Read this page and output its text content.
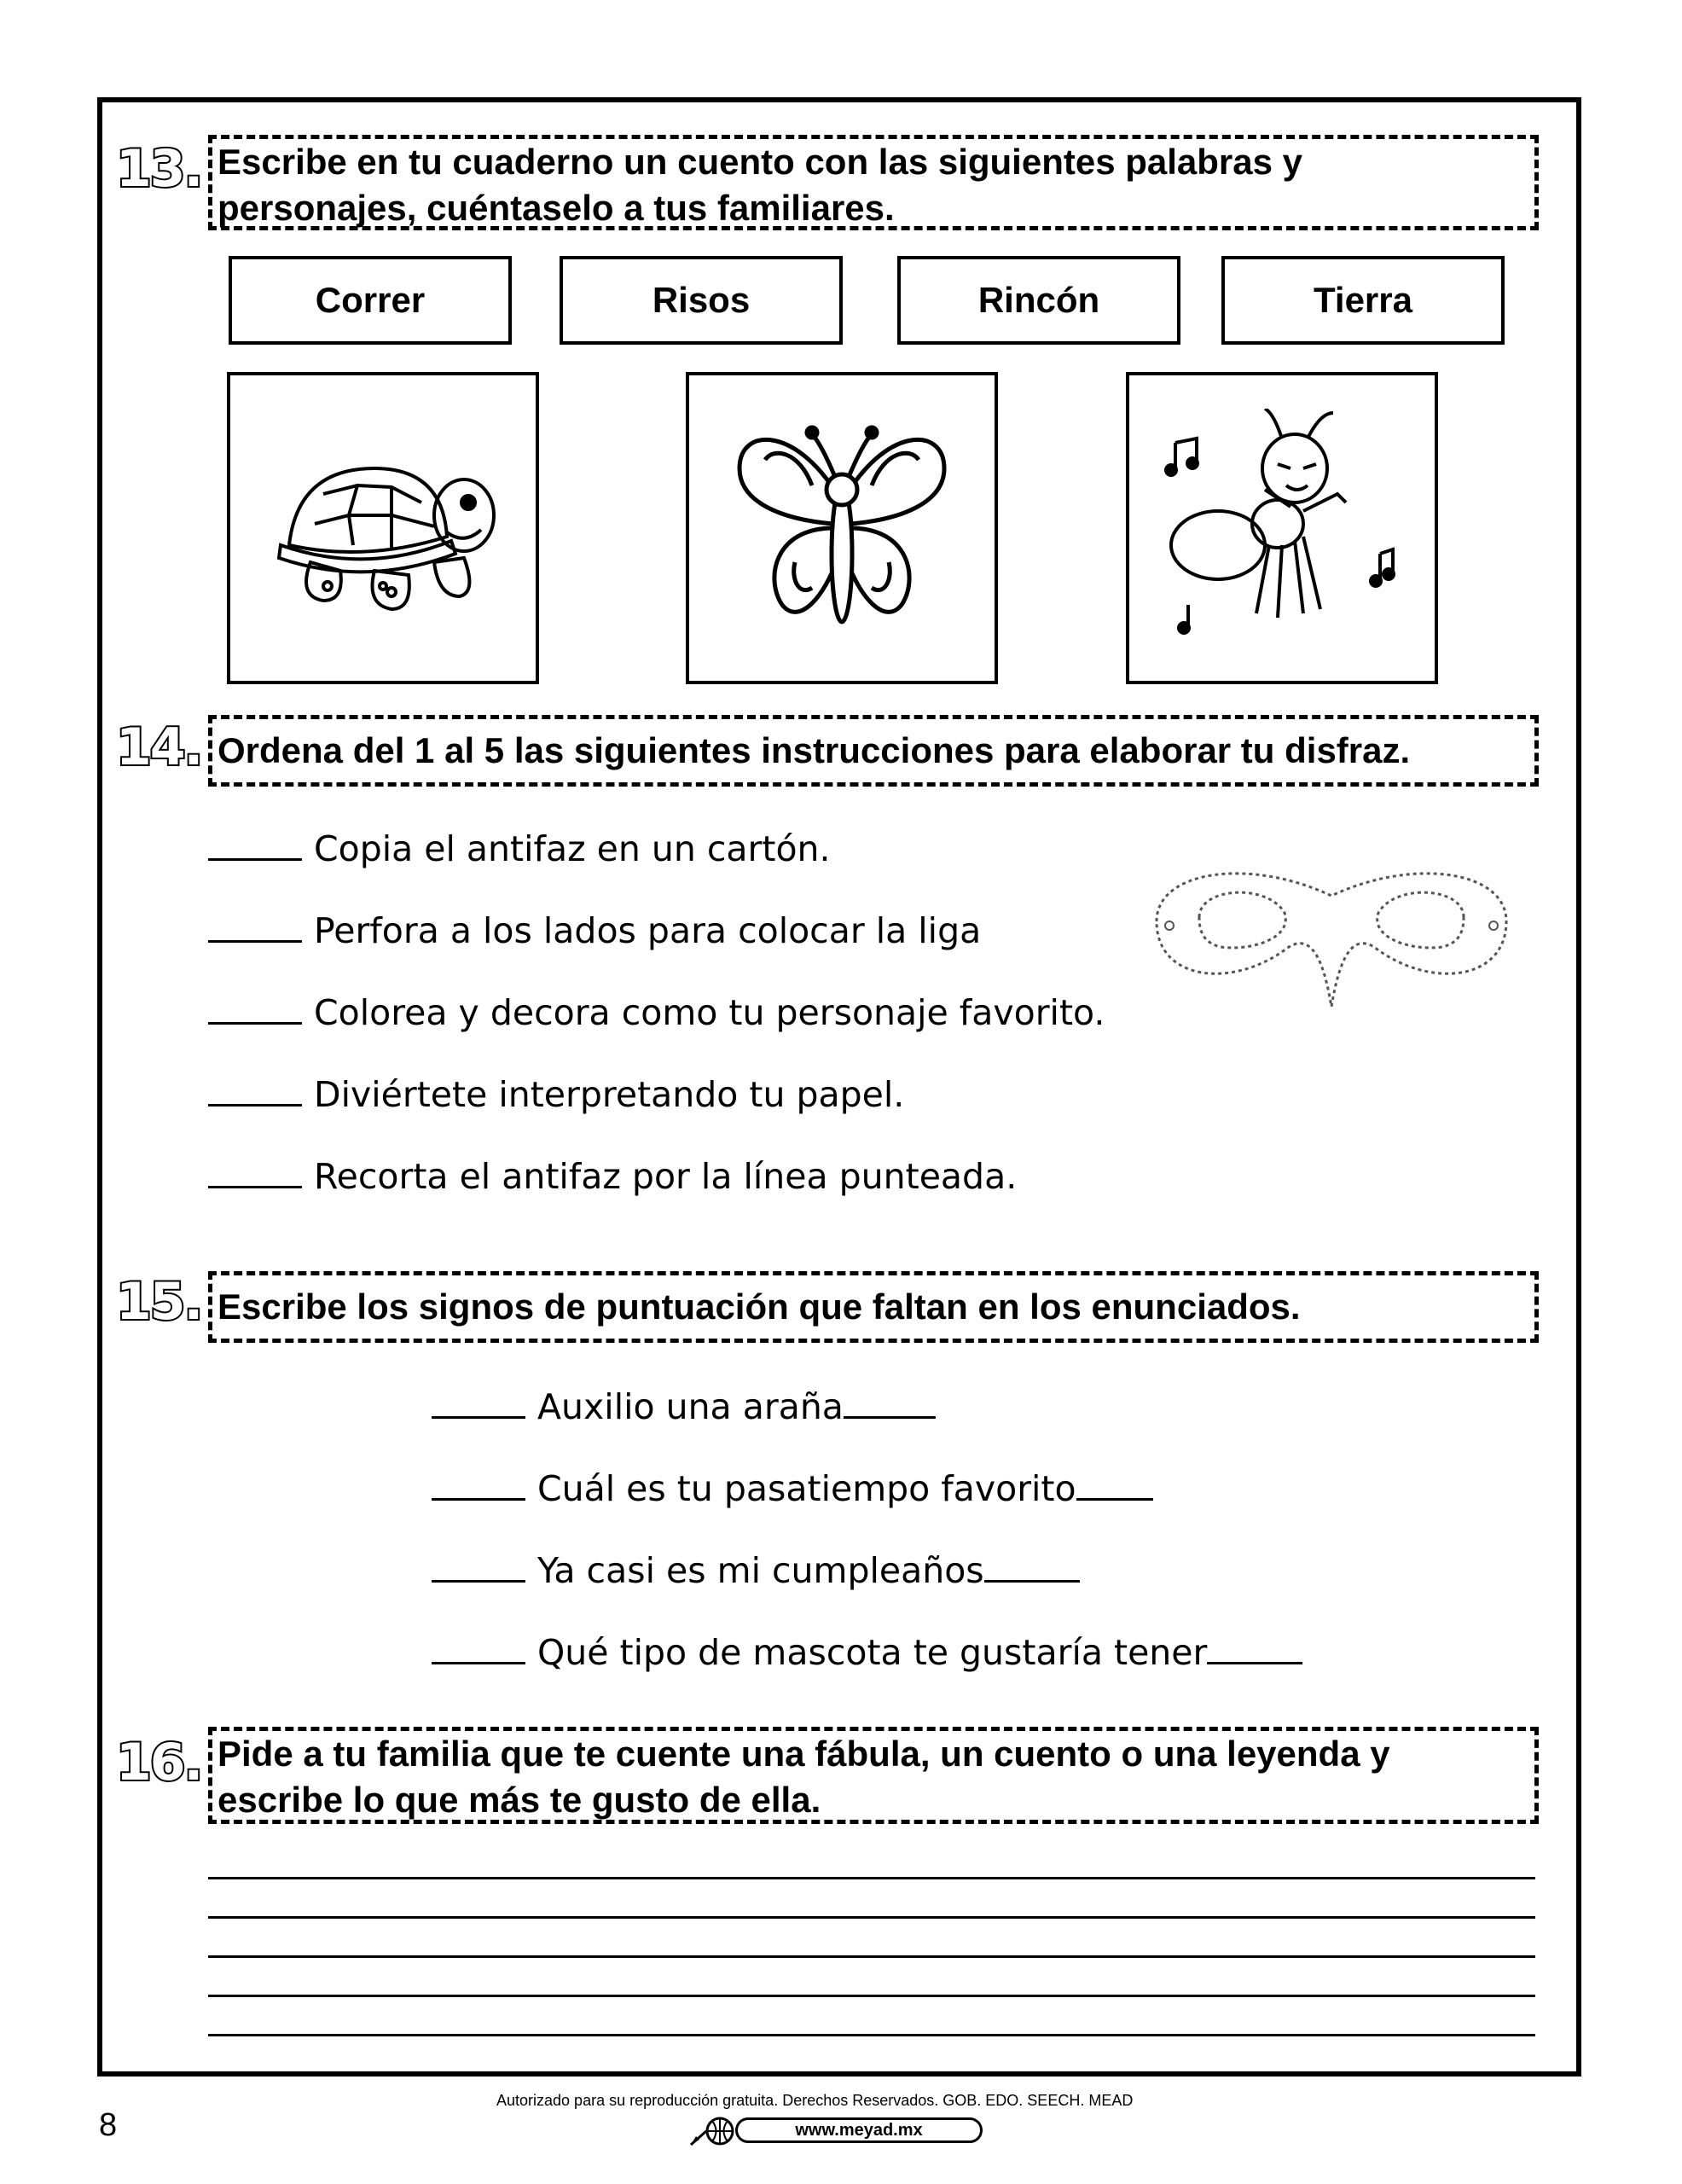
13. Escribe en tu cuaderno un cuento con las siguientes palabras y
personajes, cuéntaselo a tus familiares.
Correr	Risos	Rincón	Tierra
14. Ordena del 1 al 5 las siguientes instrucciones para elaborar tu disfraz.
Copia el antifaz en un cartón.
Perfora a los lados para colocar la liga
Colorea y decora como tu personaje favorito.
Diviértete interpretando tu papel.
Recorta el antifaz por la línea punteada.
15. Escribe los signos de puntuación que faltan en los enunciados.
Auxilio una araña
Cuál es tu pasatiempo favorito
Ya casi es mi cumpleaños
Qué tipo de mascota te gustaría tener
16. Pide a tu familia que te cuente una fábula, un cuento o una leyenda y
escribe lo que más te gusto de ella.
8
Autorizado para su reproducción gratuita. Derechos Reservados. GOB. EDO. SEECH. MEAD
www.meyad.mx
